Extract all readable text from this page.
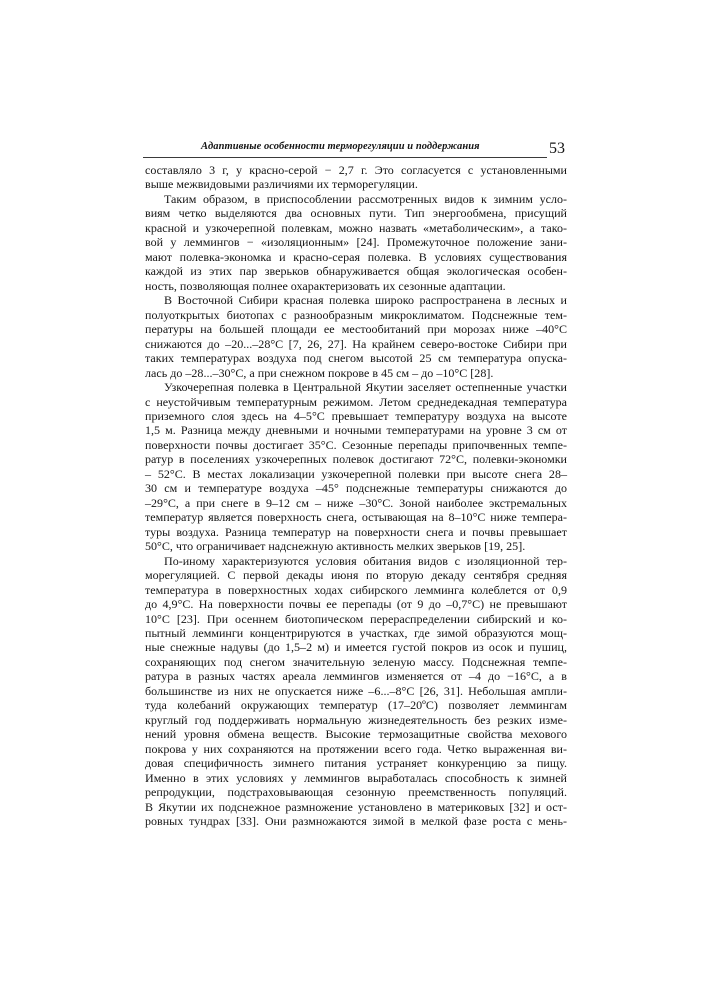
Адаптивные особенности терморегуляции и поддержания	53
составляло 3 г, у красно-серой − 2,7 г. Это согласуется с установленными
выше межвидовыми различиями их терморегуляции.
Таким образом, в приспособлении рассмотренных видов к зимним усло-
виям четко выделяются два основных пути. Тип энергообмена, присущий
красной и узкочерепной полевкам, можно назвать «метаболическим», а тако-
вой у леммингов − «изоляционным» [24]. Промежуточное положение зани-
мают полевка-экономка и красно-серая полевка. В условиях существования
каждой из этих пар зверьков обнаруживается общая экологическая особен-
ность, позволяющая полнее охарактеризовать их сезонные адаптации.
В Восточной Сибири красная полевка широко распространена в лесных и
полуоткрытых биотопах с разнообразным микроклиматом. Подснежные тем-
пературы на большей площади ее местообитаний при морозах ниже –40°С
снижаются до –20...–28°С [7, 26, 27]. На крайнем северо-востоке Сибири при
таких температурах воздуха под снегом высотой 25 см температура опуска-
лась до –28...–30°С, а при снежном покрове в 45 см – до –10°С [28].
Узкочерепная полевка в Центральной Якутии заселяет остепненные участки
с неустойчивым температурным режимом. Летом среднедекадная температура
приземного слоя здесь на 4–5°С превышает температуру воздуха на высоте
1,5 м. Разница между дневными и ночными температурами на уровне 3 см от
поверхности почвы достигает 35°С. Сезонные перепады припочвенных темпе-
ратур в поселениях узкочерепных полевок достигают 72°С, полевки-экономки
– 52°С. В местах локализации узкочерепной полевки при высоте снега 28–
30 см и температуре воздуха –45° подснежные температуры снижаются до
–29°С, а при снеге в 9–12 см – ниже –30°С. Зоной наиболее экстремальных
температур является поверхность снега, остывающая на 8–10°С ниже темпера-
туры воздуха. Разница температур на поверхности снега и почвы превышает
50°С, что ограничивает надснежную активность мелких зверьков [19, 25].
По-иному характеризуются условия обитания видов с изоляционной тер-
морегуляцией. С первой декады июня по вторую декаду сентября средняя
температура в поверхностных ходах сибирского лемминга колеблется от 0,9
до 4,9°С. На поверхности почвы ее перепады (от 9 до –0,7°С) не превышают
10°С [23]. При осеннем биотопическом перераспределении сибирский и ко-
пытный лемминги концентрируются в участках, где зимой образуются мощ-
ные снежные надувы (до 1,5–2 м) и имеется густой покров из осок и пушиц,
сохраняющих под снегом значительную зеленую массу. Подснежная темпе-
ратура в разных частях ареала леммингов изменяется от –4 до −16°С, а в
большинстве из них не опускается ниже –6...–8°С [26, 31]. Небольшая ампли-
туда колебаний окружающих температур (17–20ºС) позволяет леммингам
круглый год поддерживать нормальную жизнедеятельность без резких изме-
нений уровня обмена веществ. Высокие термозащитные свойства мехового
покрова у них сохраняются на протяжении всего года. Четко выраженная ви-
довая специфичность зимнего питания устраняет конкуренцию за пищу.
Именно в этих условиях у леммингов выработалась способность к зимней
репродукции, подстраховывающая сезонную преемственность популяций.
В Якутии их подснежное размножение установлено в материковых [32] и ост-
ровных тундрах [33]. Они размножаются зимой в мелкой фазе роста с мень-
